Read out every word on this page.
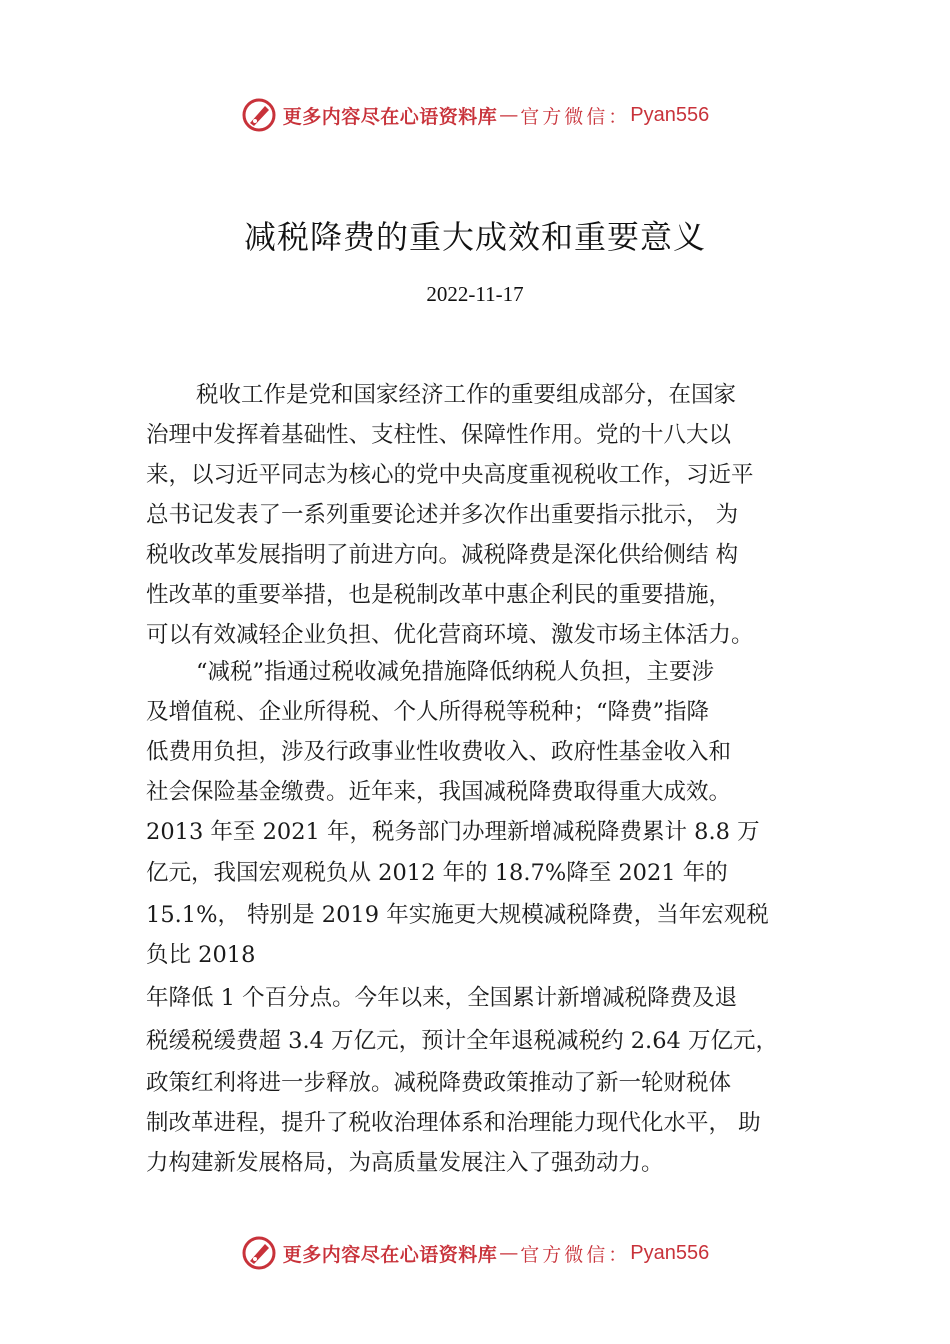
更多内容尽在心语资料库 — 官方微信： Pyan556
减税降费的重大成效和重要意义
2022-11-17
税收工作是党和国家经济工作的重要组成部分，在国家
治理中发挥着基础性、支柱性、保障性作用。党的十八大以
来，以习近平同志为核心的党中央高度重视税收工作，习近平
总书记发表了一系列重要论述并多次作出重要指示批示， 为
税收改革发展指明了前进方向。减税降费是深化供给侧结 构
性改革的重要举措，也是税制改革中惠企利民的重要措施，
可以有效减轻企业负担、优化营商环境、激发市场主体活力。
“减税”指通过税收减免措施降低纳税人负担，主要涉
及增值税、企业所得税、个人所得税等税种；“降费”指降
低费用负担，涉及行政事业性收费收入、政府性基金收入和
社会保险基金缴费。近年来，我国减税降费取得重大成效。
2013 年至 2021 年，税务部门办理新增减税降费累计 8.8 万
亿元，我国宏观税负从 2012 年的 18.7%降至 2021 年的
15.1%， 特别是 2019 年实施更大规模减税降费，当年宏观税
负比 2018
年降低 1 个百分点。今年以来，全国累计新增减税降费及退
税缓税缓费超 3.4 万亿元，预计全年退税减税约 2.64 万亿元，
政策红利将进一步释放。减税降费政策推动了新一轮财税体
制改革进程，提升了税收治理体系和治理能力现代化水平， 助
力构建新发展格局，为高质量发展注入了强劲动力。
更多内容尽在心语资料库 — 官方微信： Pyan556
